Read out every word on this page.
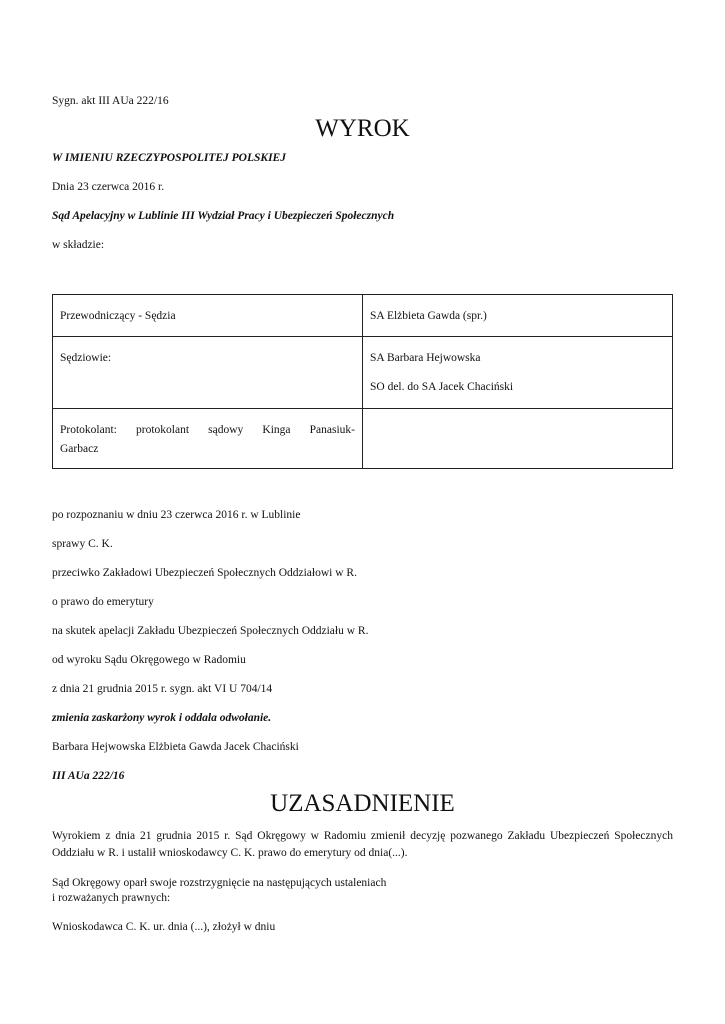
Sygn. akt III AUa 222/16
WYROK
W IMIENIU RZECZYPOSPOLITEJ POLSKIEJ
Dnia 23 czerwca 2016 r.
Sąd Apelacyjny w Lublinie III Wydział Pracy i Ubezpieczeń Społecznych
w składzie:
Przewodniczący - Sędzia	SA Elżbieta Gawda (spr.)
Sędziowie:	SA Barbara Hejwowska
SO del. do SA Jacek Chaciński

Protokolant: protokolant sądowy Kinga Panasiuk-
Garbacz	

po rozpoznaniu w dniu 23 czerwca 2016 r. w Lublinie
sprawy C. K.
przeciwko Zakładowi Ubezpieczeń Społecznych Oddziałowi w R.
o prawo do emerytury
na skutek apelacji Zakładu Ubezpieczeń Społecznych Oddziału w R.
od wyroku Sądu Okręgowego w Radomiu
z dnia 21 grudnia 2015 r. sygn. akt VI U 704/14
zmienia zaskarżony wyrok i oddala odwołanie.
Barbara Hejwowska Elżbieta Gawda Jacek Chaciński
III AUa 222/16
UZASADNIENIE
Wyrokiem z dnia 21 grudnia 2015 r. Sąd Okręgowy w Radomiu zmienił decyzję pozwanego Zakładu Ubezpieczeń Społecznych Oddziału w R. i ustalił wnioskodawcy C. K. prawo do emerytury od dnia(...).
Sąd Okręgowy oparł swoje rozstrzygnięcie na następujących ustaleniach
i rozważanych prawnych:
Wnioskodawca C. K. ur. dnia (...), złożył w dniu
